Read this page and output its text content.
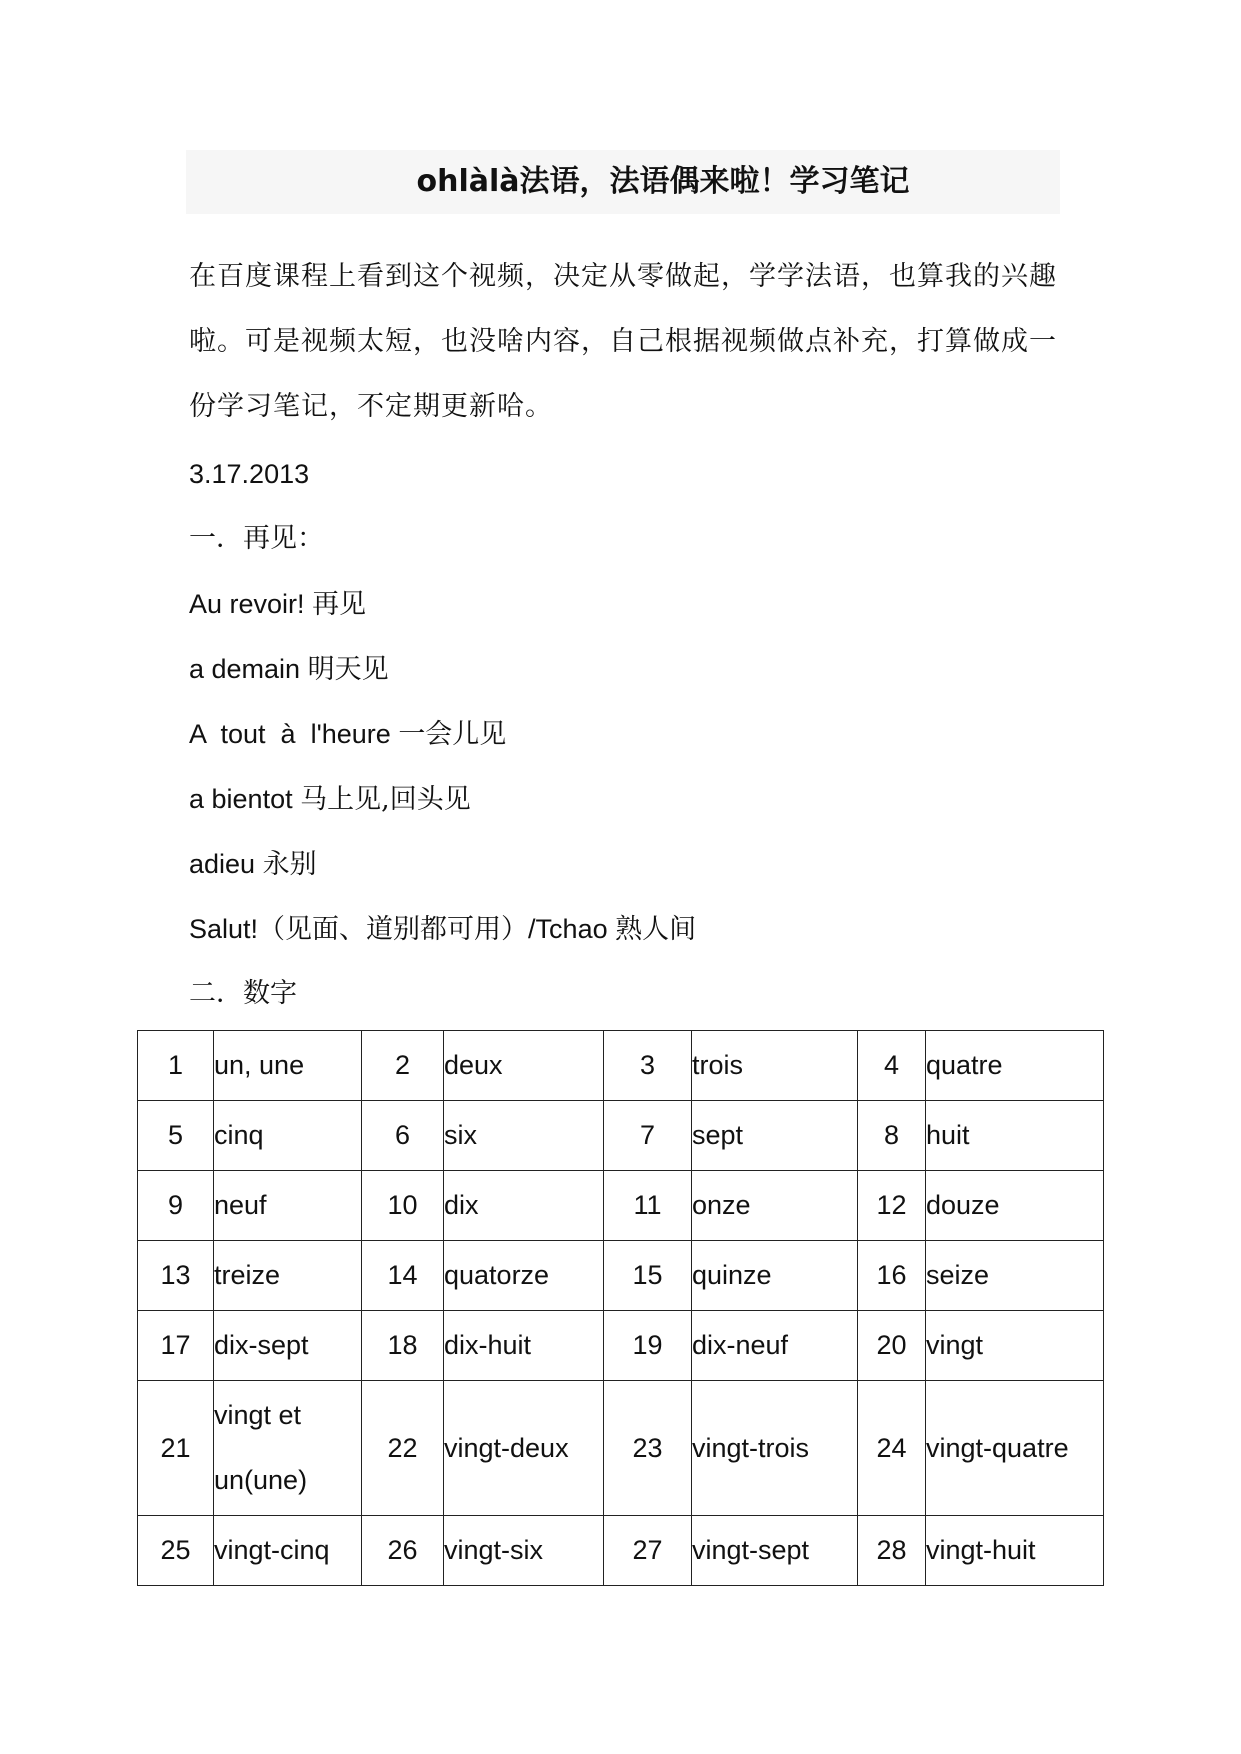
ohlàlà法语，法语偶来啦！学习笔记
在百度课程上看到这个视频，决定从零做起，学学法语，也算我的兴趣啦。可是视频太短，也没啥内容，自己根据视频做点补充，打算做成一份学习笔记，不定期更新哈。
3.17.2013
一．再见：
Au revoir! 再见
a demain 明天见
A  tout  à  l'heure 一会儿见
a bientot 马上见,回头见
adieu 永别
Salut!（见面、道别都可用）/Tchao 熟人间
二．数字
1	un, une	2	deux	3	trois	4	quatre
5	cinq	6	six	7	sept	8	huit
9	neuf	10	dix	11	onze	12	douze
13	treize	14	quatorze	15	quinze	16	seize
17	dix-sept	18	dix-huit	19	dix-neuf	20	vingt
21	vingt et un(une)	22	vingt-deux	23	vingt-trois	24	vingt-quatre
25	vingt-cinq	26	vingt-six	27	vingt-sept	28	vingt-huit
